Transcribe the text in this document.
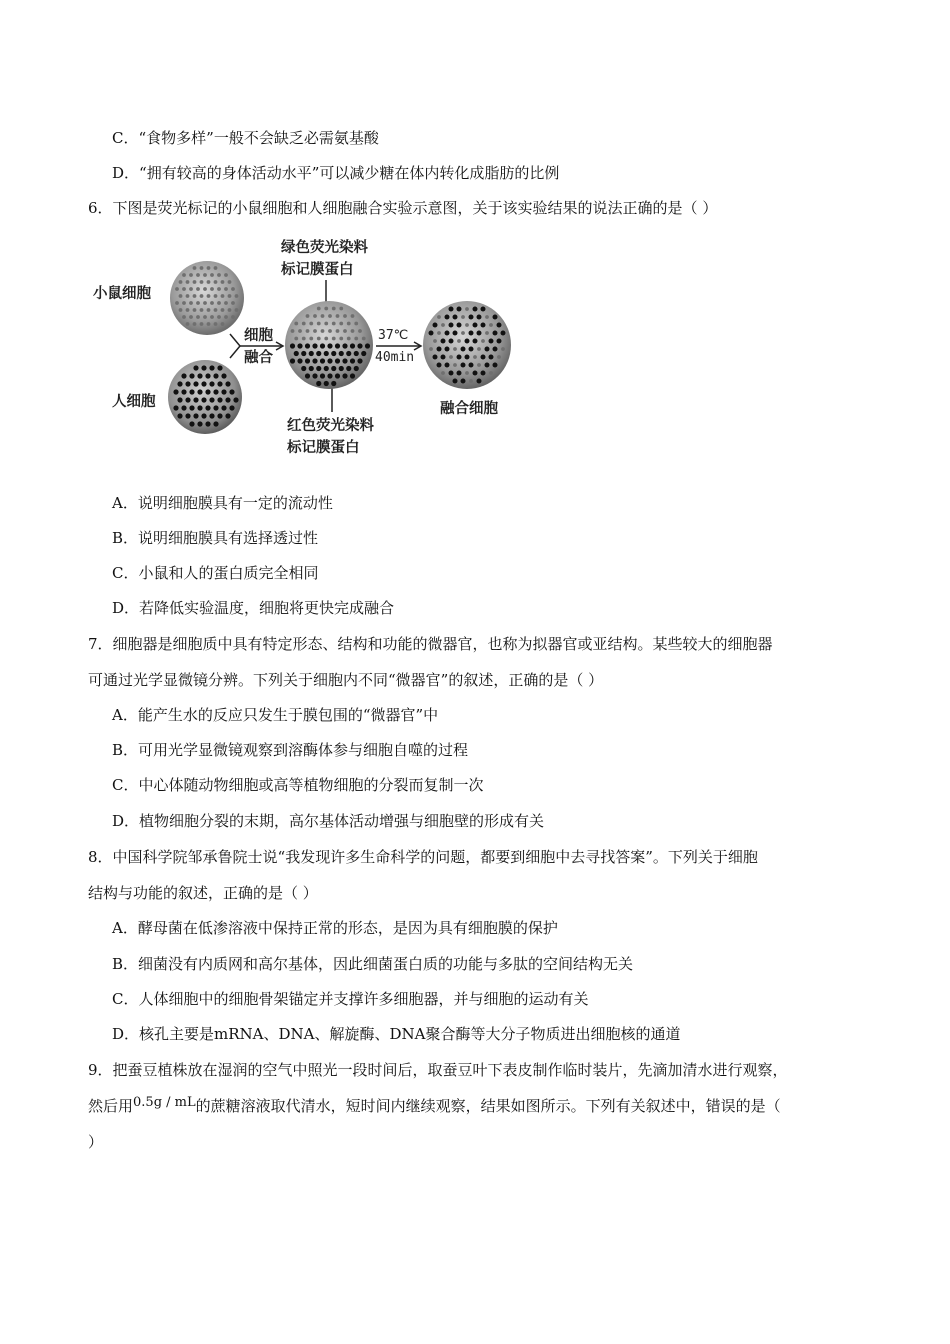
C．“食物多样”一般不会缺乏必需氨基酸
D．“拥有较高的身体活动水平”可以减少糖在体内转化成脂肪的比例
6．下图是荧光标记的小鼠细胞和人细胞融合实验示意图，关于该实验结果的说法正确的是（ ）
小鼠细胞
人细胞
绿色荧光染料
标记膜蛋白
红色荧光染料
标记膜蛋白
细胞
融合
37℃
40min
融合细胞
A．说明细胞膜具有一定的流动性
B．说明细胞膜具有选择透过性
C．小鼠和人的蛋白质完全相同
D．若降低实验温度，细胞将更快完成融合
7．细胞器是细胞质中具有特定形态、结构和功能的微器官，也称为拟器官或亚结构。某些较大的细胞器
可通过光学显微镜分辨。下列关于细胞内不同“微器官”的叙述，正确的是（ ）
A．能产生水的反应只发生于膜包围的“微器官”中
B．可用光学显微镜观察到溶酶体参与细胞自噬的过程
C．中心体随动物细胞或高等植物细胞的分裂而复制一次
D．植物细胞分裂的末期，高尔基体活动增强与细胞壁的形成有关
8．中国科学院邹承鲁院士说“我发现许多生命科学的问题，都要到细胞中去寻找答案”。下列关于细胞
结构与功能的叙述，正确的是（ ）
A．酵母菌在低渗溶液中保持正常的形态，是因为具有细胞膜的保护
B．细菌没有内质网和高尔基体，因此细菌蛋白质的功能与多肽的空间结构无关
C．人体细胞中的细胞骨架锚定并支撑许多细胞器，并与细胞的运动有关
D．核孔主要是mRNA、DNA、解旋酶、DNA聚合酶等大分子物质进出细胞核的通道
9．把蚕豆植株放在湿润的空气中照光一段时间后，取蚕豆叶下表皮制作临时装片，先滴加清水进行观察，
然后用0.5g / mL的蔗糖溶液取代清水，短时间内继续观察，结果如图所示。下列有关叙述中，错误的是（
）
